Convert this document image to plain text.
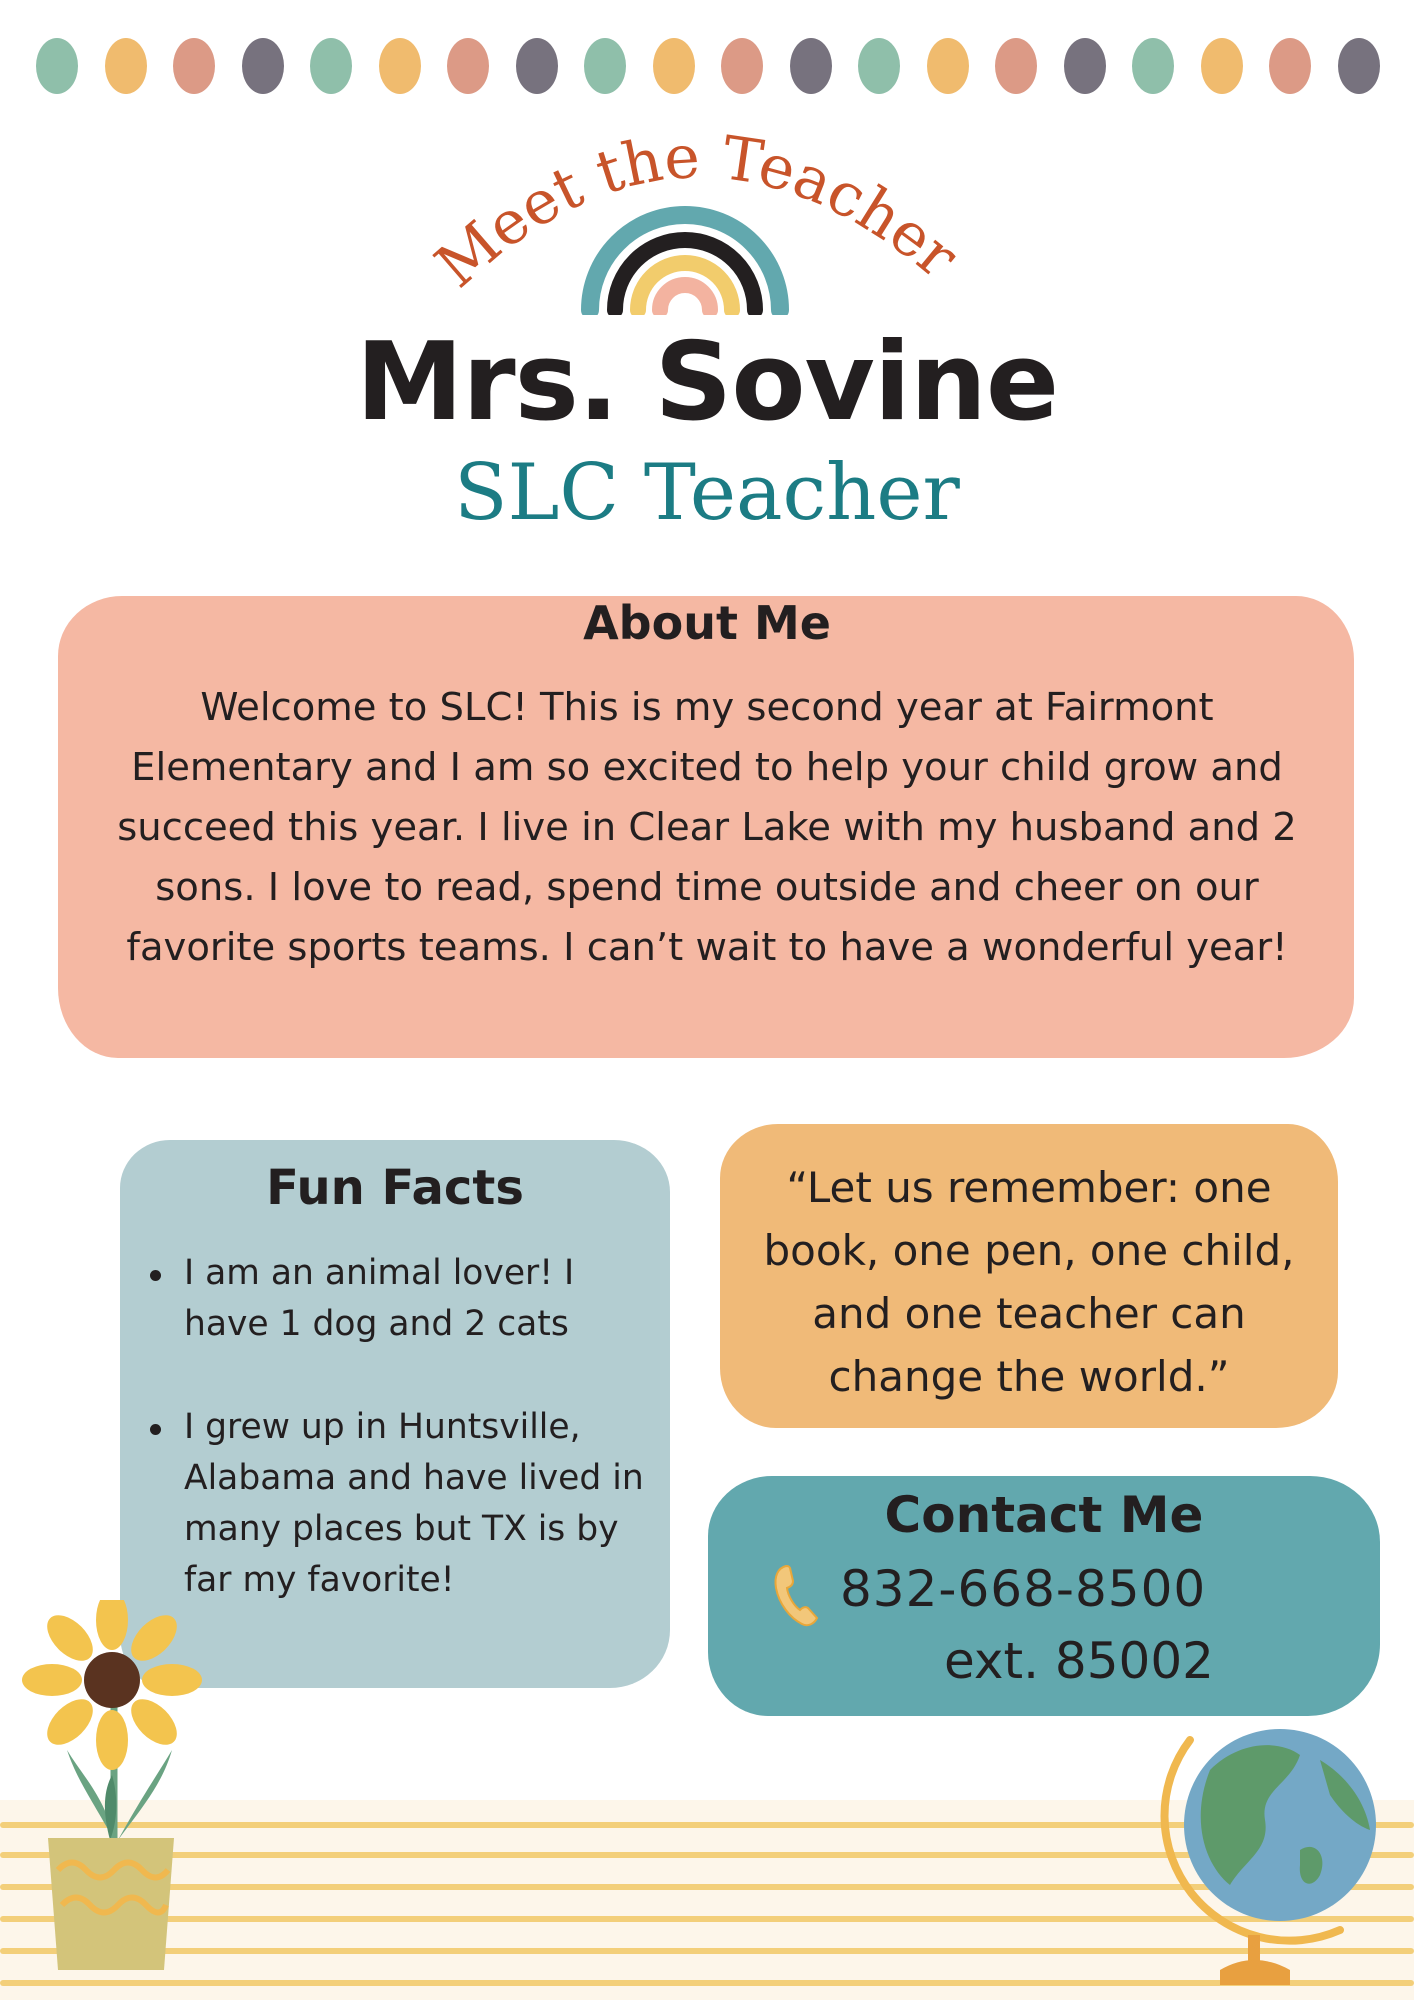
Meet the Teacher
Mrs. Sovine
SLC Teacher
About Me
Welcome to SLC! This is my second year at Fairmont Elementary and I am so excited to help your child grow and succeed this year. I live in Clear Lake with my husband and 2 sons. I love to read, spend time outside and cheer on our favorite sports teams. I can’t wait to have a wonderful year!
Fun Facts
I am an animal lover! I have 1 dog and 2 cats
I grew up in Huntsville, Alabama and have lived in many places but TX is by far my favorite!
“Let us remember: one book, one pen, one child, and one teacher can change the world.”
Contact Me
832-668-8500
ext. 85002
